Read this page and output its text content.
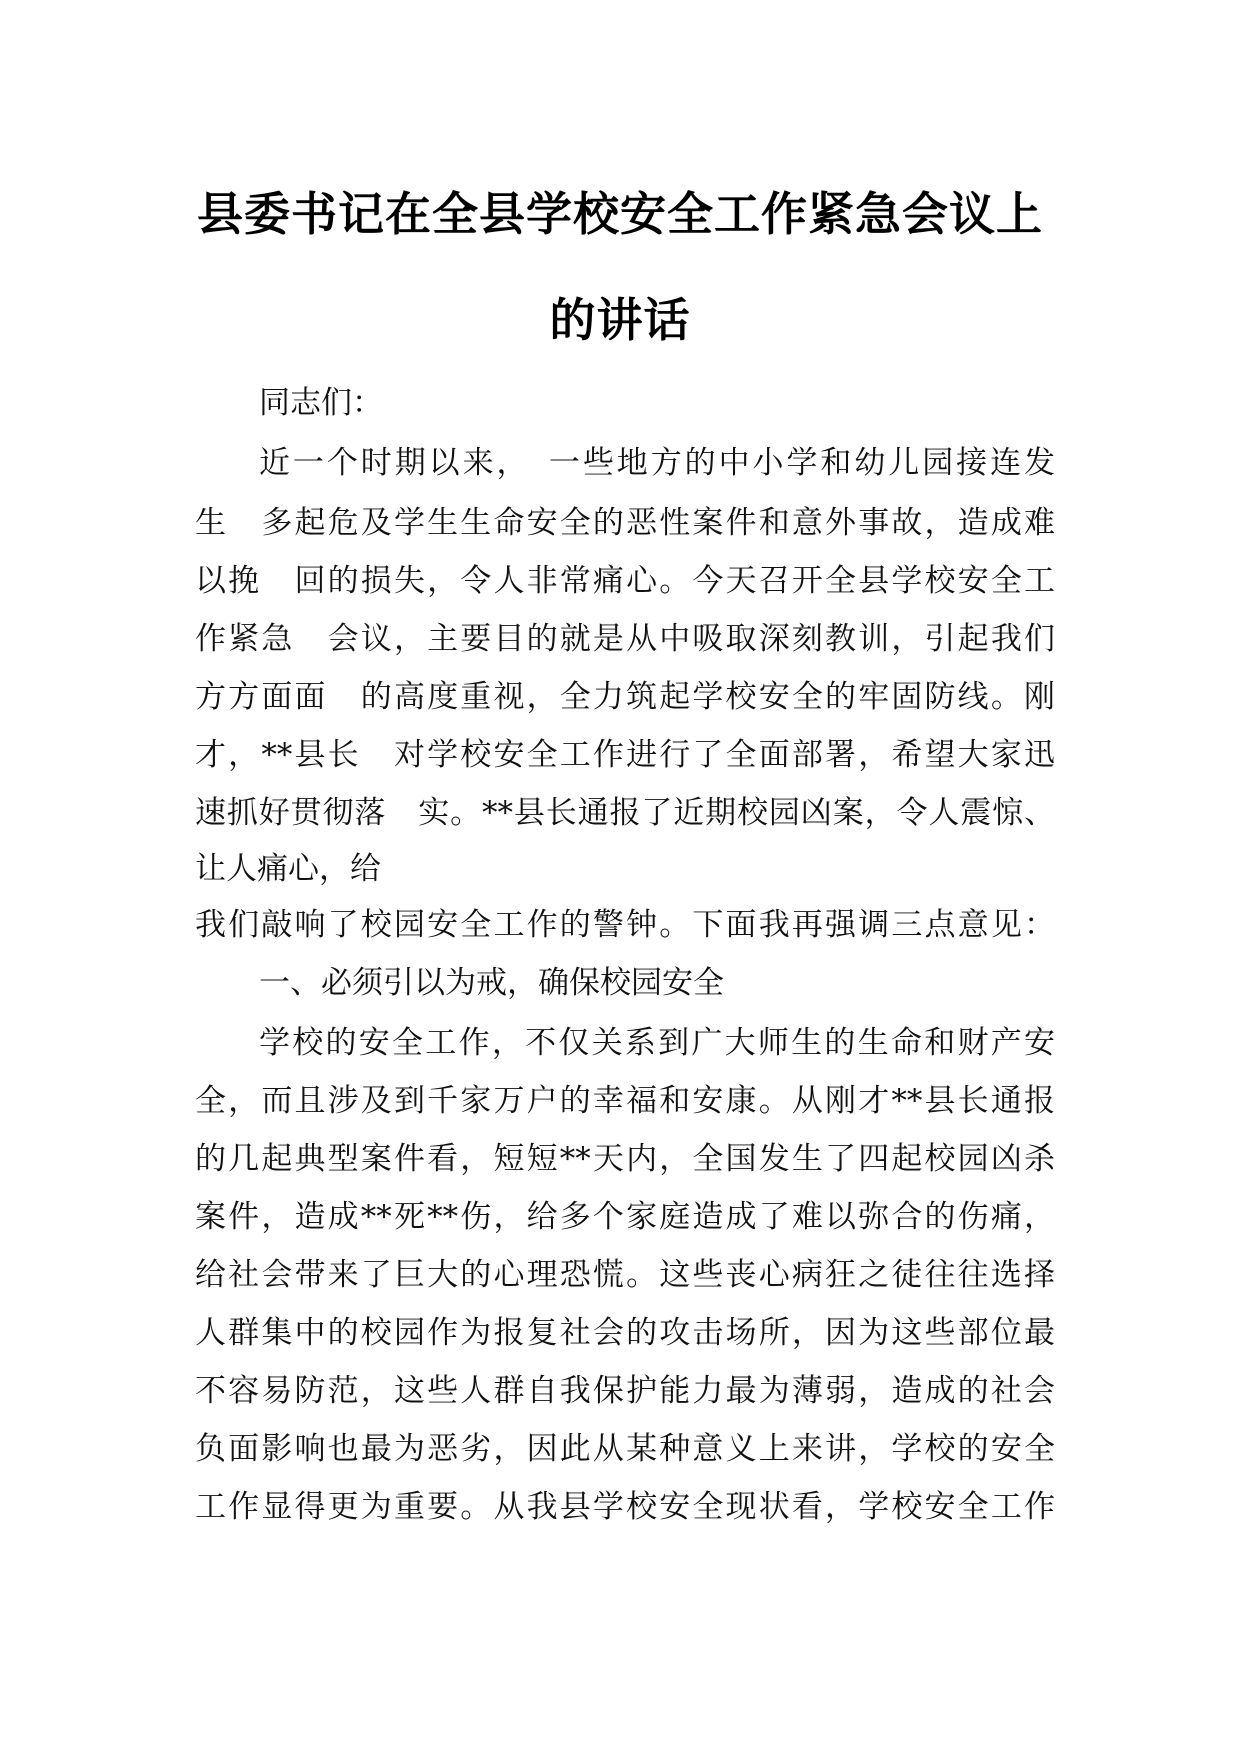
县委书记在全县学校安全工作紧急会议上
的讲话

同志们：

近一个时期以来，　一些地方的中小学和幼儿园接连发

生　多起危及学生生命安全的恶性案件和意外事故，造成难

以挽　回的损失，令人非常痛心。今天召开全县学校安全工

作紧急　会议，主要目的就是从中吸取深刻教训，引起我们

方方面面　的高度重视，全力筑起学校安全的牢固防线。刚

才，**县长　对学校安全工作进行了全面部署，希望大家迅

速抓好贯彻落　实。**县长通报了近期校园凶案，令人震惊、

让人痛心，给

我们敲响了校园安全工作的警钟。下面我再强调三点意见：

一、必须引以为戒，确保校园安全

学校的安全工作，不仅关系到广大师生的生命和财产安

全，而且涉及到千家万户的幸福和安康。从刚才**县长通报

的几起典型案件看，短短**天内，全国发生了四起校园凶杀

案件，造成**死**伤，给多个家庭造成了难以弥合的伤痛，

给社会带来了巨大的心理恐慌。这些丧心病狂之徒往往选择

人群集中的校园作为报复社会的攻击场所，因为这些部位最

不容易防范，这些人群自我保护能力最为薄弱，造成的社会

负面影响也最为恶劣，因此从某种意义上来讲，学校的安全

工作显得更为重要。从我县学校安全现状看，学校安全工作
